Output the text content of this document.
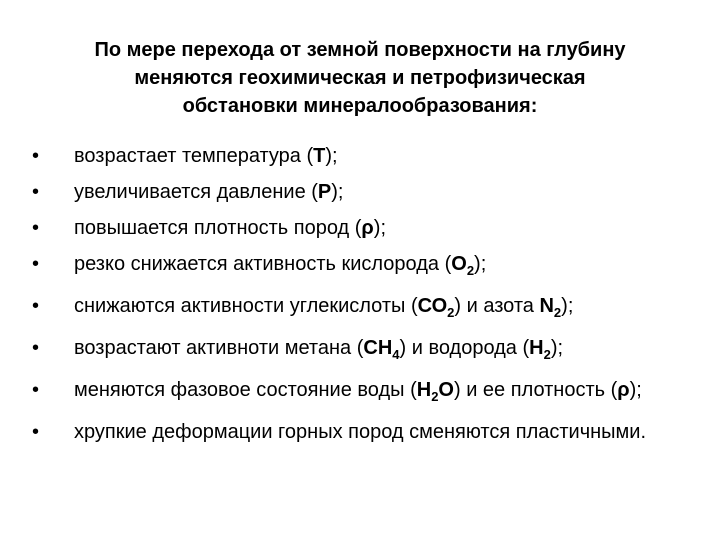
По мере перехода от земной поверхности на глубину
меняются геохимическая и петрофизическая
обстановки минералообразования:
•	возрастает температура (Т);
•	увеличивается давление (Р);
•	повышается плотность пород (ρ);
•	резко снижается активность кислорода $(О_2)$;
•	снижаются активности углекислоты $(СО_2)$ и азота $N_2$);
•	возрастают активноти метана $(СН_4)$ и водорода $(Н_2)$;
•	меняются фазовое состояние воды $(Н_2О)$ и ее плотность (ρ);
•	хрупкие деформации горных пород сменяются пластичными.
